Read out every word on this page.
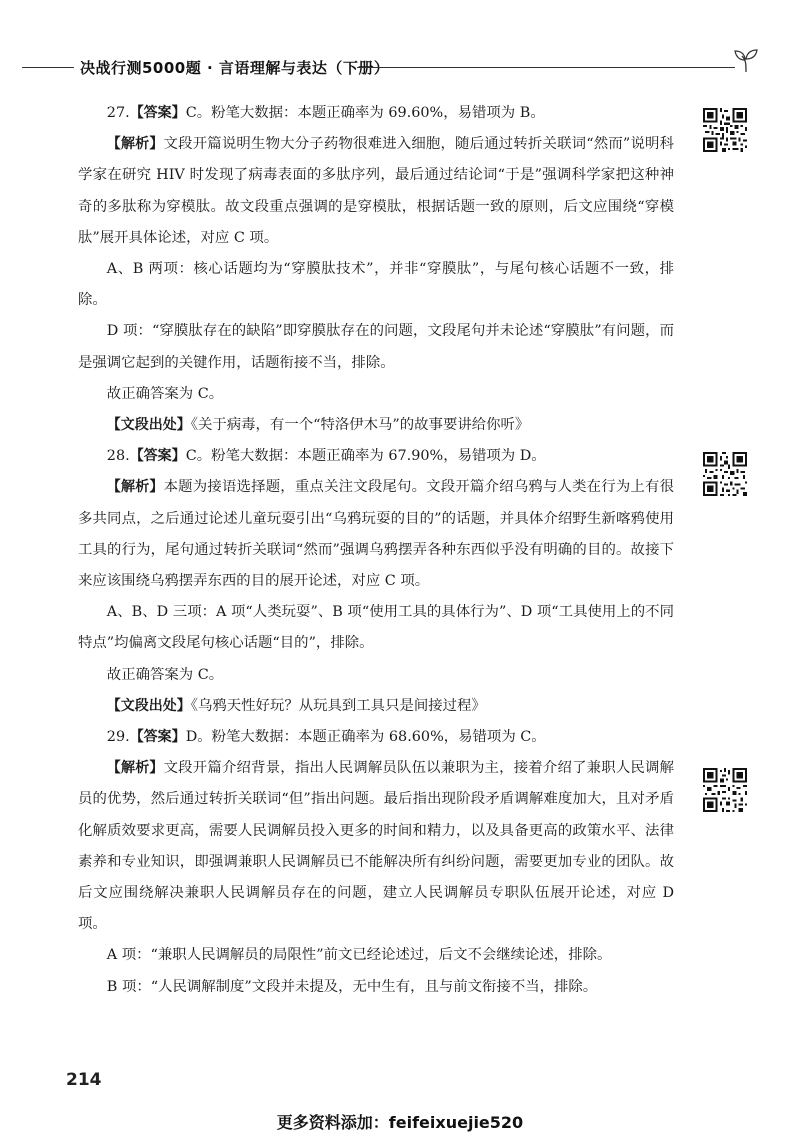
决战行测5000题 · 言语理解与表达（下册）

27.【答案】C。粉笔大数据：本题正确率为 69.60%，易错项为 B。

【解析】文段开篇说明生物大分子药物很难进入细胞，随后通过转折关联词“然而”说明科学家在研究 HIV 时发现了病毒表面的多肽序列，最后通过结论词“于是”强调科学家把这种神奇的多肽称为穿模肽。故文段重点强调的是穿模肽，根据话题一致的原则，后文应围绕“穿模肽”展开具体论述，对应 C 项。

A、B 两项：核心话题均为“穿膜肽技术”，并非“穿膜肽”，与尾句核心话题不一致，排除。

D 项：“穿膜肽存在的缺陷”即穿膜肽存在的问题，文段尾句并未论述“穿膜肽”有问题，而是强调它起到的关键作用，话题衔接不当，排除。

故正确答案为 C。

【文段出处】《关于病毒，有一个“特洛伊木马”的故事要讲给你听》

28.【答案】C。粉笔大数据：本题正确率为 67.90%，易错项为 D。

【解析】本题为接语选择题，重点关注文段尾句。文段开篇介绍乌鸦与人类在行为上有很多共同点，之后通过论述儿童玩耍引出“乌鸦玩耍的目的”的话题，并具体介绍野生新喀鸦使用工具的行为，尾句通过转折关联词“然而”强调乌鸦摆弄各种东西似乎没有明确的目的。故接下来应该围绕乌鸦摆弄东西的目的展开论述，对应 C 项。

A、B、D 三项：A 项“人类玩耍”、B 项“使用工具的具体行为”、D 项“工具使用上的不同特点”均偏离文段尾句核心话题“目的”，排除。

故正确答案为 C。

【文段出处】《乌鸦天性好玩？从玩具到工具只是间接过程》

29.【答案】D。粉笔大数据：本题正确率为 68.60%，易错项为 C。

【解析】文段开篇介绍背景，指出人民调解员队伍以兼职为主，接着介绍了兼职人民调解员的优势，然后通过转折关联词“但”指出问题。最后指出现阶段矛盾调解难度加大，且对矛盾化解质效要求更高，需要人民调解员投入更多的时间和精力，以及具备更高的政策水平、法律素养和专业知识，即强调兼职人民调解员已不能解决所有纠纷问题，需要更加专业的团队。故后文应围绕解决兼职人民调解员存在的问题，建立人民调解员专职队伍展开论述，对应 D 项。

A 项：“兼职人民调解员的局限性”前文已经论述过，后文不会继续论述，排除。

B 项：“人民调解制度”文段并未提及，无中生有，且与前文衔接不当，排除。

214
更多资料添加：feifeixuejie520
